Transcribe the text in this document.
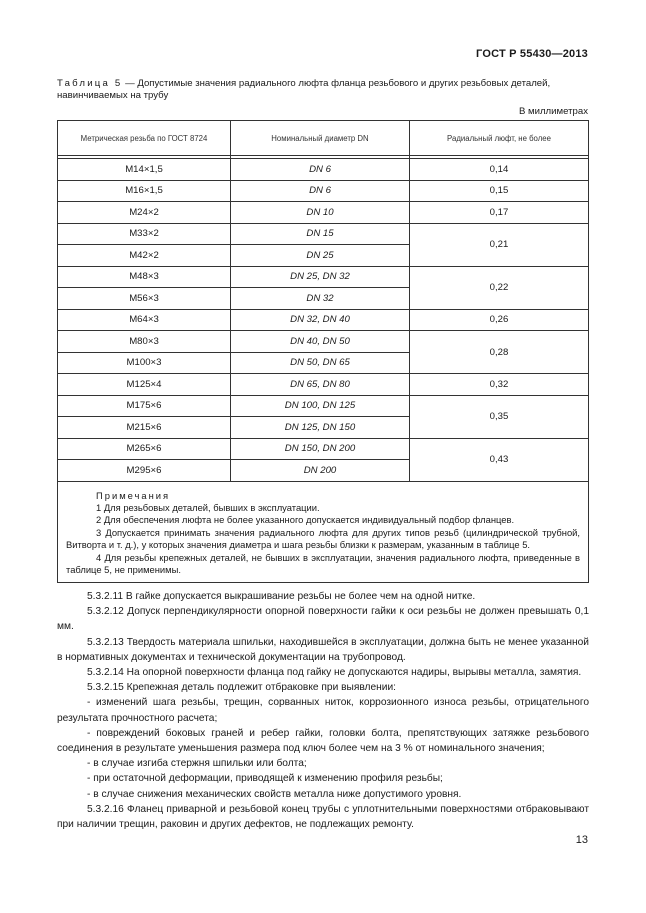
ГОСТ Р 55430—2013
Таблица 5 — Допустимые значения радиального люфта фланца резьбового и других резьбовых деталей, навинчиваемых на трубу
В миллиметрах
Метрическая резьба по ГОСТ 8724	Номинальный диаметр DN	Радиальный люфт, не более

M14×1,5	DN 6	0,14
M16×1,5	DN 6	0,15
M24×2	DN 10	0,17
M33×2	DN 15	0,21
M42×2	DN 25	
M48×3	DN 25, DN 32	0,22
M56×3	DN 32	
M64×3	DN 32, DN 40	0,26
M80×3	DN 40, DN 50	0,28
M100×3	DN 50, DN 65	
M125×4	DN 65, DN 80	0,32
M175×6	DN 100, DN 125	0,35
M215×6	DN 125, DN 150	
M265×6	DN 150, DN 200	0,43
M295×6	DN 200	

Примечания
1 Для резьбовых деталей, бывших в эксплуатации.
2 Для обеспечения люфта не более указанного допускается индивидуальный подбор фланцев.
3 Допускается принимать значения радиального люфта для других типов резьб (цилиндрической трубной, Витворта и т. д.), у которых значения диаметра и шага резьбы близки к размерам, указанным в таблице 5.
4 Для резьбы крепежных деталей, не бывших в эксплуатации, значения радиального люфта, приведенные в таблице 5, не применимы.		

5.3.2.11 В гайке допускается выкрашивание резьбы не более чем на одной нитке.

5.3.2.12 Допуск перпендикулярности опорной поверхности гайки к оси резьбы не должен превышать 0,1 мм.

5.3.2.13 Твердость материала шпильки, находившейся в эксплуатации, должна быть не менее указанной в нормативных документах и технической документации на трубопровод.

5.3.2.14 На опорной поверхности фланца под гайку не допускаются надиры, вырывы металла, замятия.

5.3.2.15 Крепежная деталь подлежит отбраковке при выявлении:

- изменений шага резьбы, трещин, сорванных ниток, коррозионного износа резьбы, отрицательного результата прочностного расчета;

- повреждений боковых граней и ребер гайки, головки болта, препятствующих затяжке резьбового соединения в результате уменьшения размера под ключ более чем на 3 % от номинального значения;

- в случае изгиба стержня шпильки или болта;

- при остаточной деформации, приводящей к изменению профиля резьбы;

- в случае снижения механических свойств металла ниже допустимого уровня.

5.3.2.16 Фланец приварной и резьбовой конец трубы с уплотнительными поверхностями отбраковывают при наличии трещин, раковин и других дефектов, не подлежащих ремонту.

13
